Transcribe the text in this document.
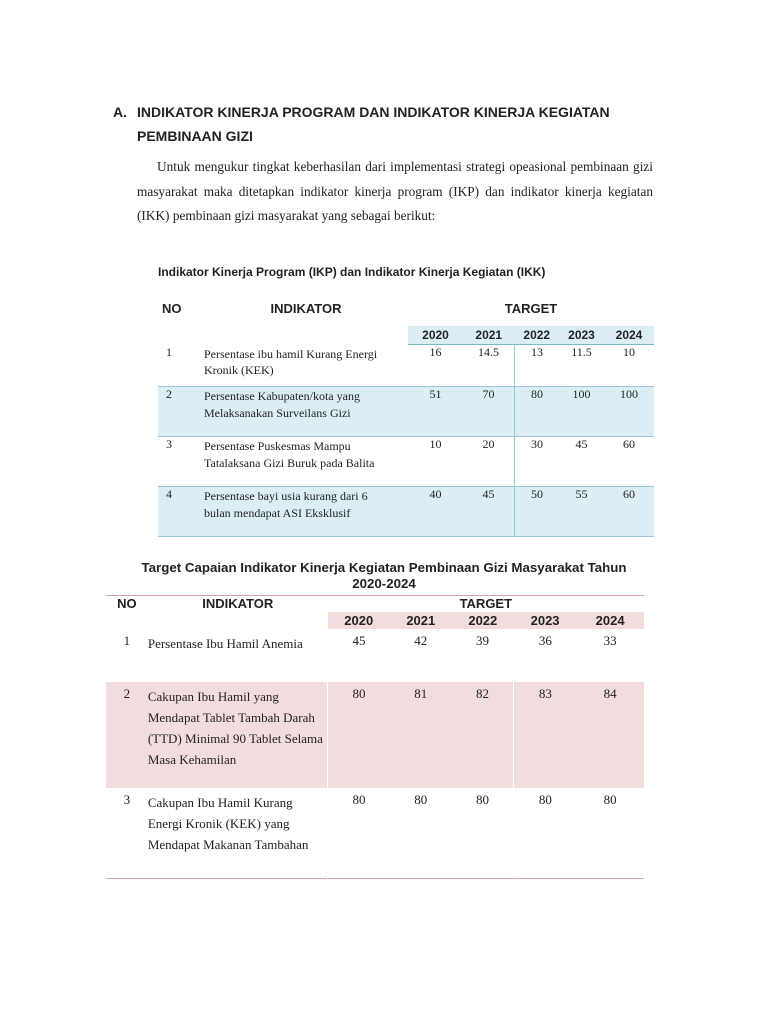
A. INDIKATOR KINERJA PROGRAM DAN INDIKATOR KINERJA KEGIATAN
PEMBINAAN GIZI

Untuk mengukur tingkat keberhasilan dari implementasi strategi opeasional pembinaan gizi masyarakat maka ditetapkan indikator kinerja program (IKP) dan indikator kinerja kegiatan (IKK) pembinaan gizi masyarakat yang sebagai berikut:

Indikator Kinerja Program (IKP) dan Indikator Kinerja Kegiatan (IKK)
NO	INDIKATOR	TARGET				
		2020	2021	2022	2023	2024
1	Persentase ibu hamil Kurang Energi Kronik (KEK)	16	14.5	13	11.5	10
2	Persentase Kabupaten/kota yang Melaksanakan Surveilans Gizi	51	70	80	100	100
3	Persentase Puskesmas Mampu Tatalaksana Gizi Buruk pada Balita	10	20	30	45	60
4	Persentase bayi usia kurang dari 6 bulan mendapat ASI Eksklusif	40	45	50	55	60
Target Capaian Indikator Kinerja Kegiatan Pembinaan Gizi Masyarakat Tahun 2020-2024
NO	INDIKATOR	TARGET				
		2020	2021	2022	2023	2024
1	Persentase Ibu Hamil Anemia	45	42	39	36	33
2	Cakupan Ibu Hamil yang Mendapat Tablet Tambah Darah (TTD) Minimal 90 Tablet Selama Masa Kehamilan	80	81	82	83	84
3	Cakupan Ibu Hamil Kurang Energi Kronik (KEK) yang Mendapat Makanan Tambahan	80	80	80	80	80
